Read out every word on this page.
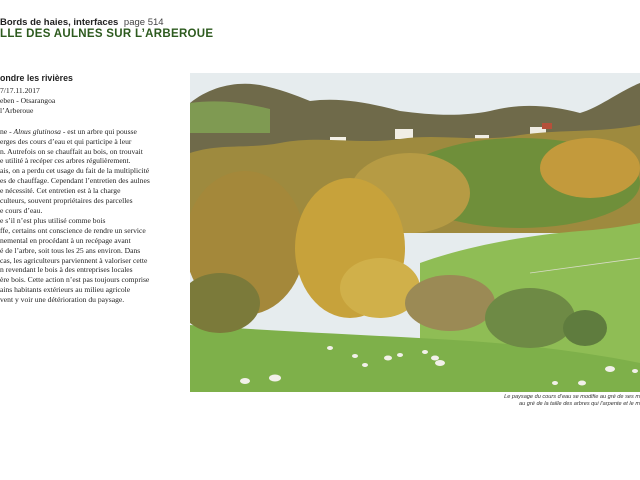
Bords de haies, interfaces page 514
LLE DES AULNES SUR L’ARBEROUE
ondre les rivières
7/17.11.2017
eben - Otsarangoa
l’Arberoue
ne - Alnus glutinosa - est un arbre qui pousse
erges des cours d’eau et qui participe à leur
n. Autrefois on se chauffait au bois, on trouvait
e utilité à recéper ces arbres régulièrement.
ais, on a perdu cet usage du fait de la multiplicité
es de chauffage. Cependant l’entretien des aulnes
e nécessité. Cet entretien est à la charge
culteurs, souvent propriétaires des parcelles
e cours d’eau.
e s’il n’est plus utilisé comme bois
ffe, certains ont conscience de rendre un service
nemental en procédant à un recépage avant
é de l’arbre, soit tous les 25 ans environ. Dans
cas, les agriculteurs parviennent à valoriser cette
n revendant le bois à des entreprises locales
ère bois. Cette action n’est pas toujours comprise
ains habitants extérieurs au milieu agricole
vent y voir une détérioration du paysage.
Le paysage du cours d’eau se modifie au gré de ses m
au gré de la taille des arbres qui l’arpente et le m
